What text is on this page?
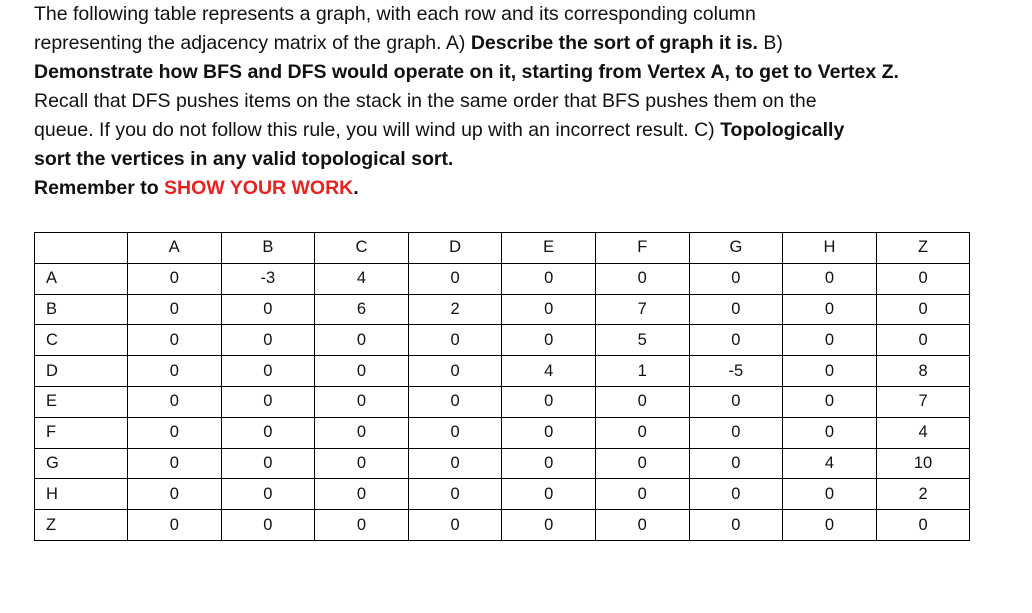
The following table represents a graph, with each row and its corresponding column
representing the adjacency matrix of the graph. A) Describe the sort of graph it is. B)
Demonstrate how BFS and DFS would operate on it, starting from Vertex A, to get to Vertex Z.
Recall that DFS pushes items on the stack in the same order that BFS pushes them on the
queue. If you do not follow this rule, you will wind up with an incorrect result. C) Topologically
sort the vertices in any valid topological sort.
Remember to SHOW YOUR WORK.
	A	B	C	D	E	F	G	H	Z
A	0	-3	4	0	0	0	0	0	0
B	0	0	6	2	0	7	0	0	0
C	0	0	0	0	0	5	0	0	0
D	0	0	0	0	4	1	-5	0	8
E	0	0	0	0	0	0	0	0	7
F	0	0	0	0	0	0	0	0	4
G	0	0	0	0	0	0	0	4	10
H	0	0	0	0	0	0	0	0	2
Z	0	0	0	0	0	0	0	0	0
